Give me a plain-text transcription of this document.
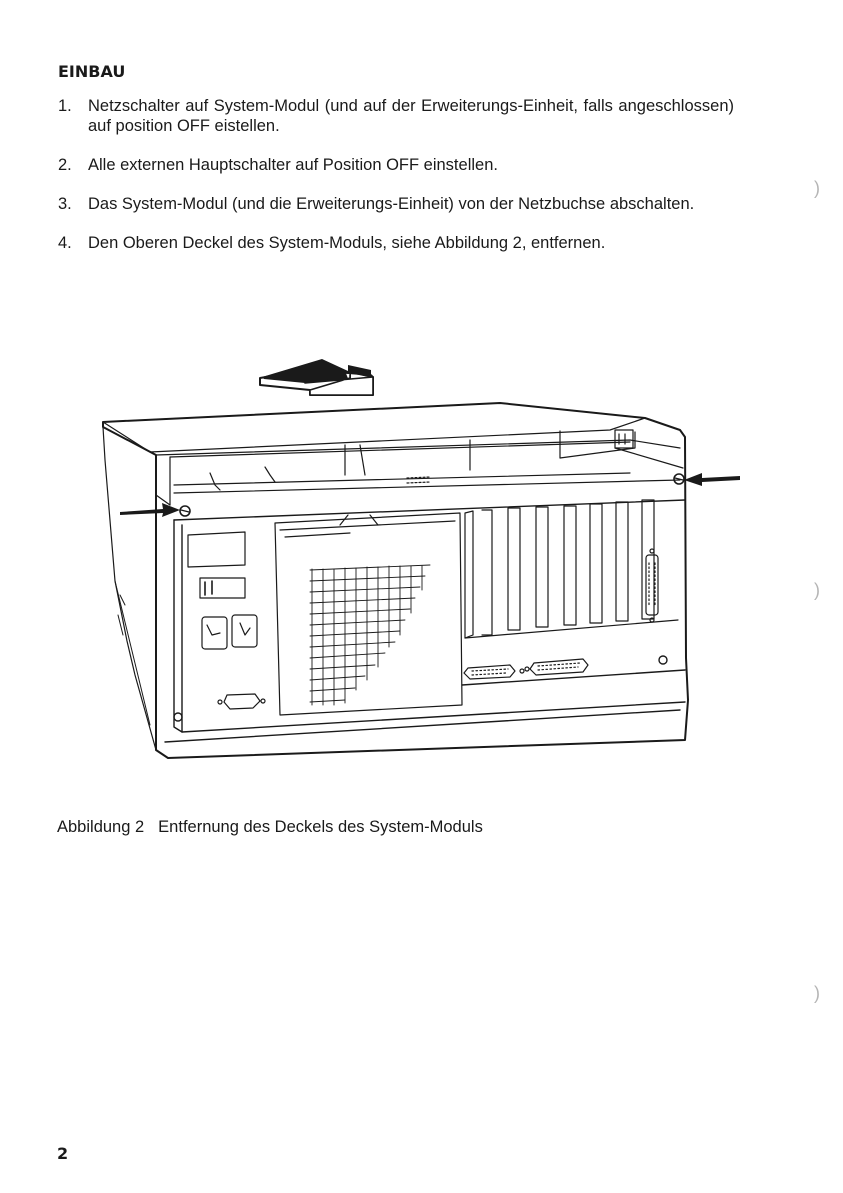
EINBAU
1. Netzschalter auf System-Modul (und auf der Erweiterungs-Einheit, falls angeschlossen) auf position OFF eistellen.
2. Alle externen Hauptschalter auf Position OFF einstellen.
3. Das System-Modul (und die Erweiterungs-Einheit) von der Netzbuchse abschalten.
4. Den Oberen Deckel des System-Moduls, siehe Abbildung 2, entfernen.
Abbildung 2 Entfernung des Deckels des System-Moduls
2
)
)
)
